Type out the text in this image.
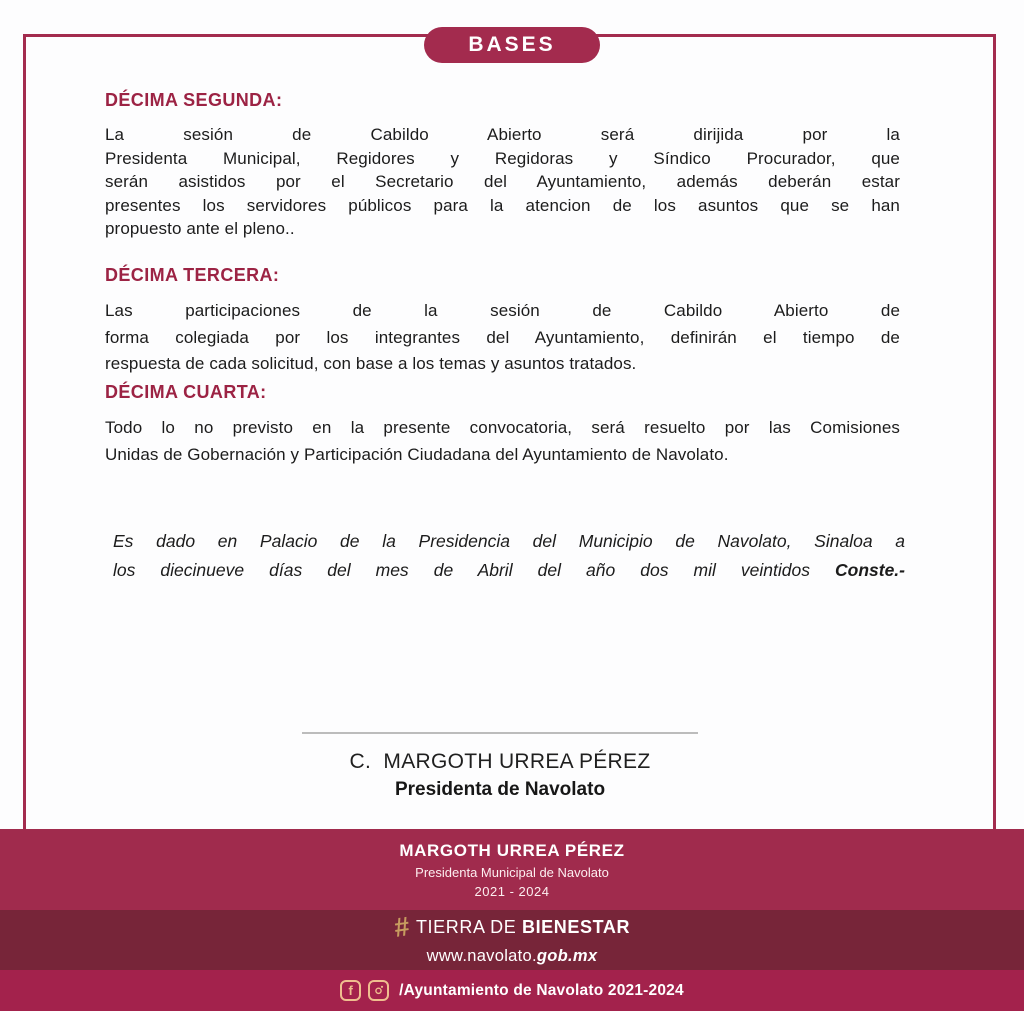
BASES
DÉCIMA SEGUNDA:
La sesión de Cabildo Abierto será dirijida por la
Presidenta Municipal, Regidores y Regidoras y Síndico Procurador, que
serán asistidos por el Secretario del Ayuntamiento, además deberán estar
presentes los servidores públicos para la atencion de los asuntos que se han
propuesto ante el pleno..
DÉCIMA TERCERA:
Las participaciones de la sesión de Cabildo Abierto de
forma colegiada por los integrantes del Ayuntamiento, definirán el tiempo de
respuesta de cada solicitud, con base a los temas y asuntos tratados.
DÉCIMA CUARTA:
Todo lo no previsto en la presente convocatoria, será resuelto por las Comisiones
Unidas de Gobernación y Participación Ciudadana del Ayuntamiento de Navolato.
Es dado en Palacio de la Presidencia del Municipio de Navolato, Sinaloa a
los diecinueve días del mes de Abril del año dos mil veintidos Conste.-
C.  MARGOTH URREA PÉREZ
Presidenta de Navolato
MARGOTH URREA PÉREZ
Presidenta Municipal de Navolato
2021 - 2024
# TIERRA DE BIENESTAR
www.navolato.gob.mx
f	/Ayuntamiento de Navolato 2021-2024
